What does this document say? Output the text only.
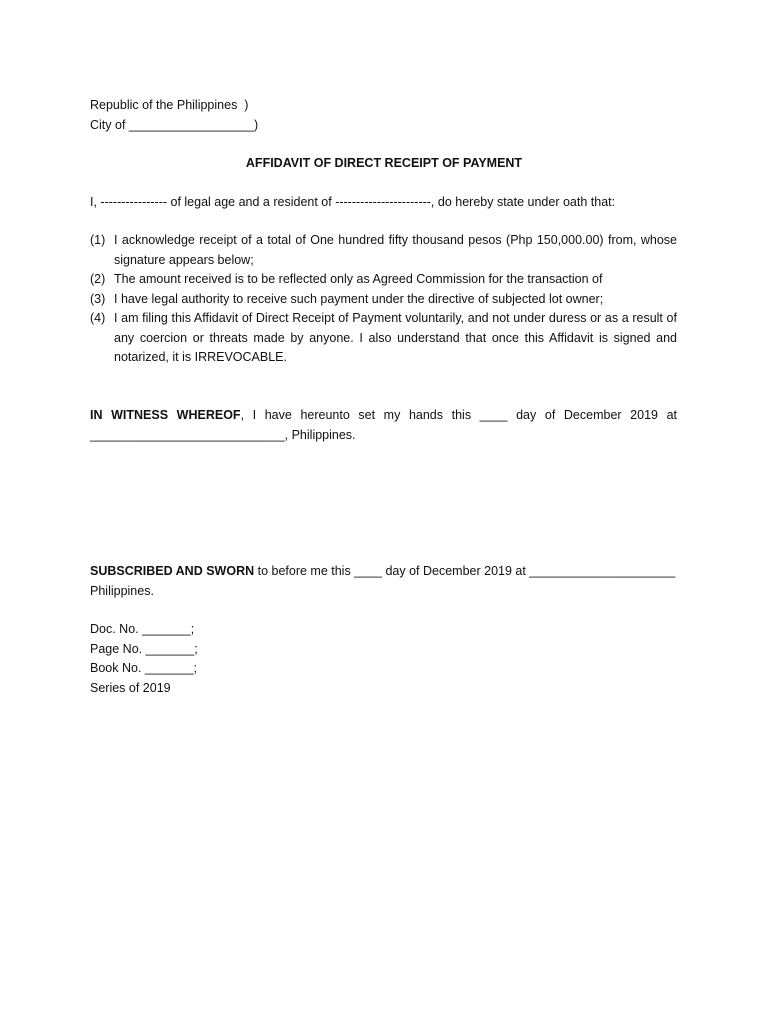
Republic of the Philippines  )
City of __________________)
AFFIDAVIT OF DIRECT RECEIPT OF PAYMENT
I, ---------------- of legal age and a resident of -----------------------, do hereby state under oath that:
(1) I acknowledge receipt of a total of One hundred fifty thousand pesos (Php 150,000.00) from, whose signature appears below;
(2) The amount received is to be reflected only as Agreed Commission for the transaction of
(3) I have legal authority to receive such payment under the directive of subjected lot owner;
(4) I am filing this Affidavit of Direct Receipt of Payment voluntarily, and not under duress or as a result of any coercion or threats made by anyone. I also understand that once this Affidavit is signed and notarized, it is IRREVOCABLE.
IN WITNESS WHEREOF, I have hereunto set my hands this ____ day of December 2019 at ____________________________, Philippines.
SUBSCRIBED AND SWORN to before me this ____ day of December 2019 at _____________________ Philippines.
Doc. No. _______;
Page No. _______;
Book No. _______;
Series of 2019
